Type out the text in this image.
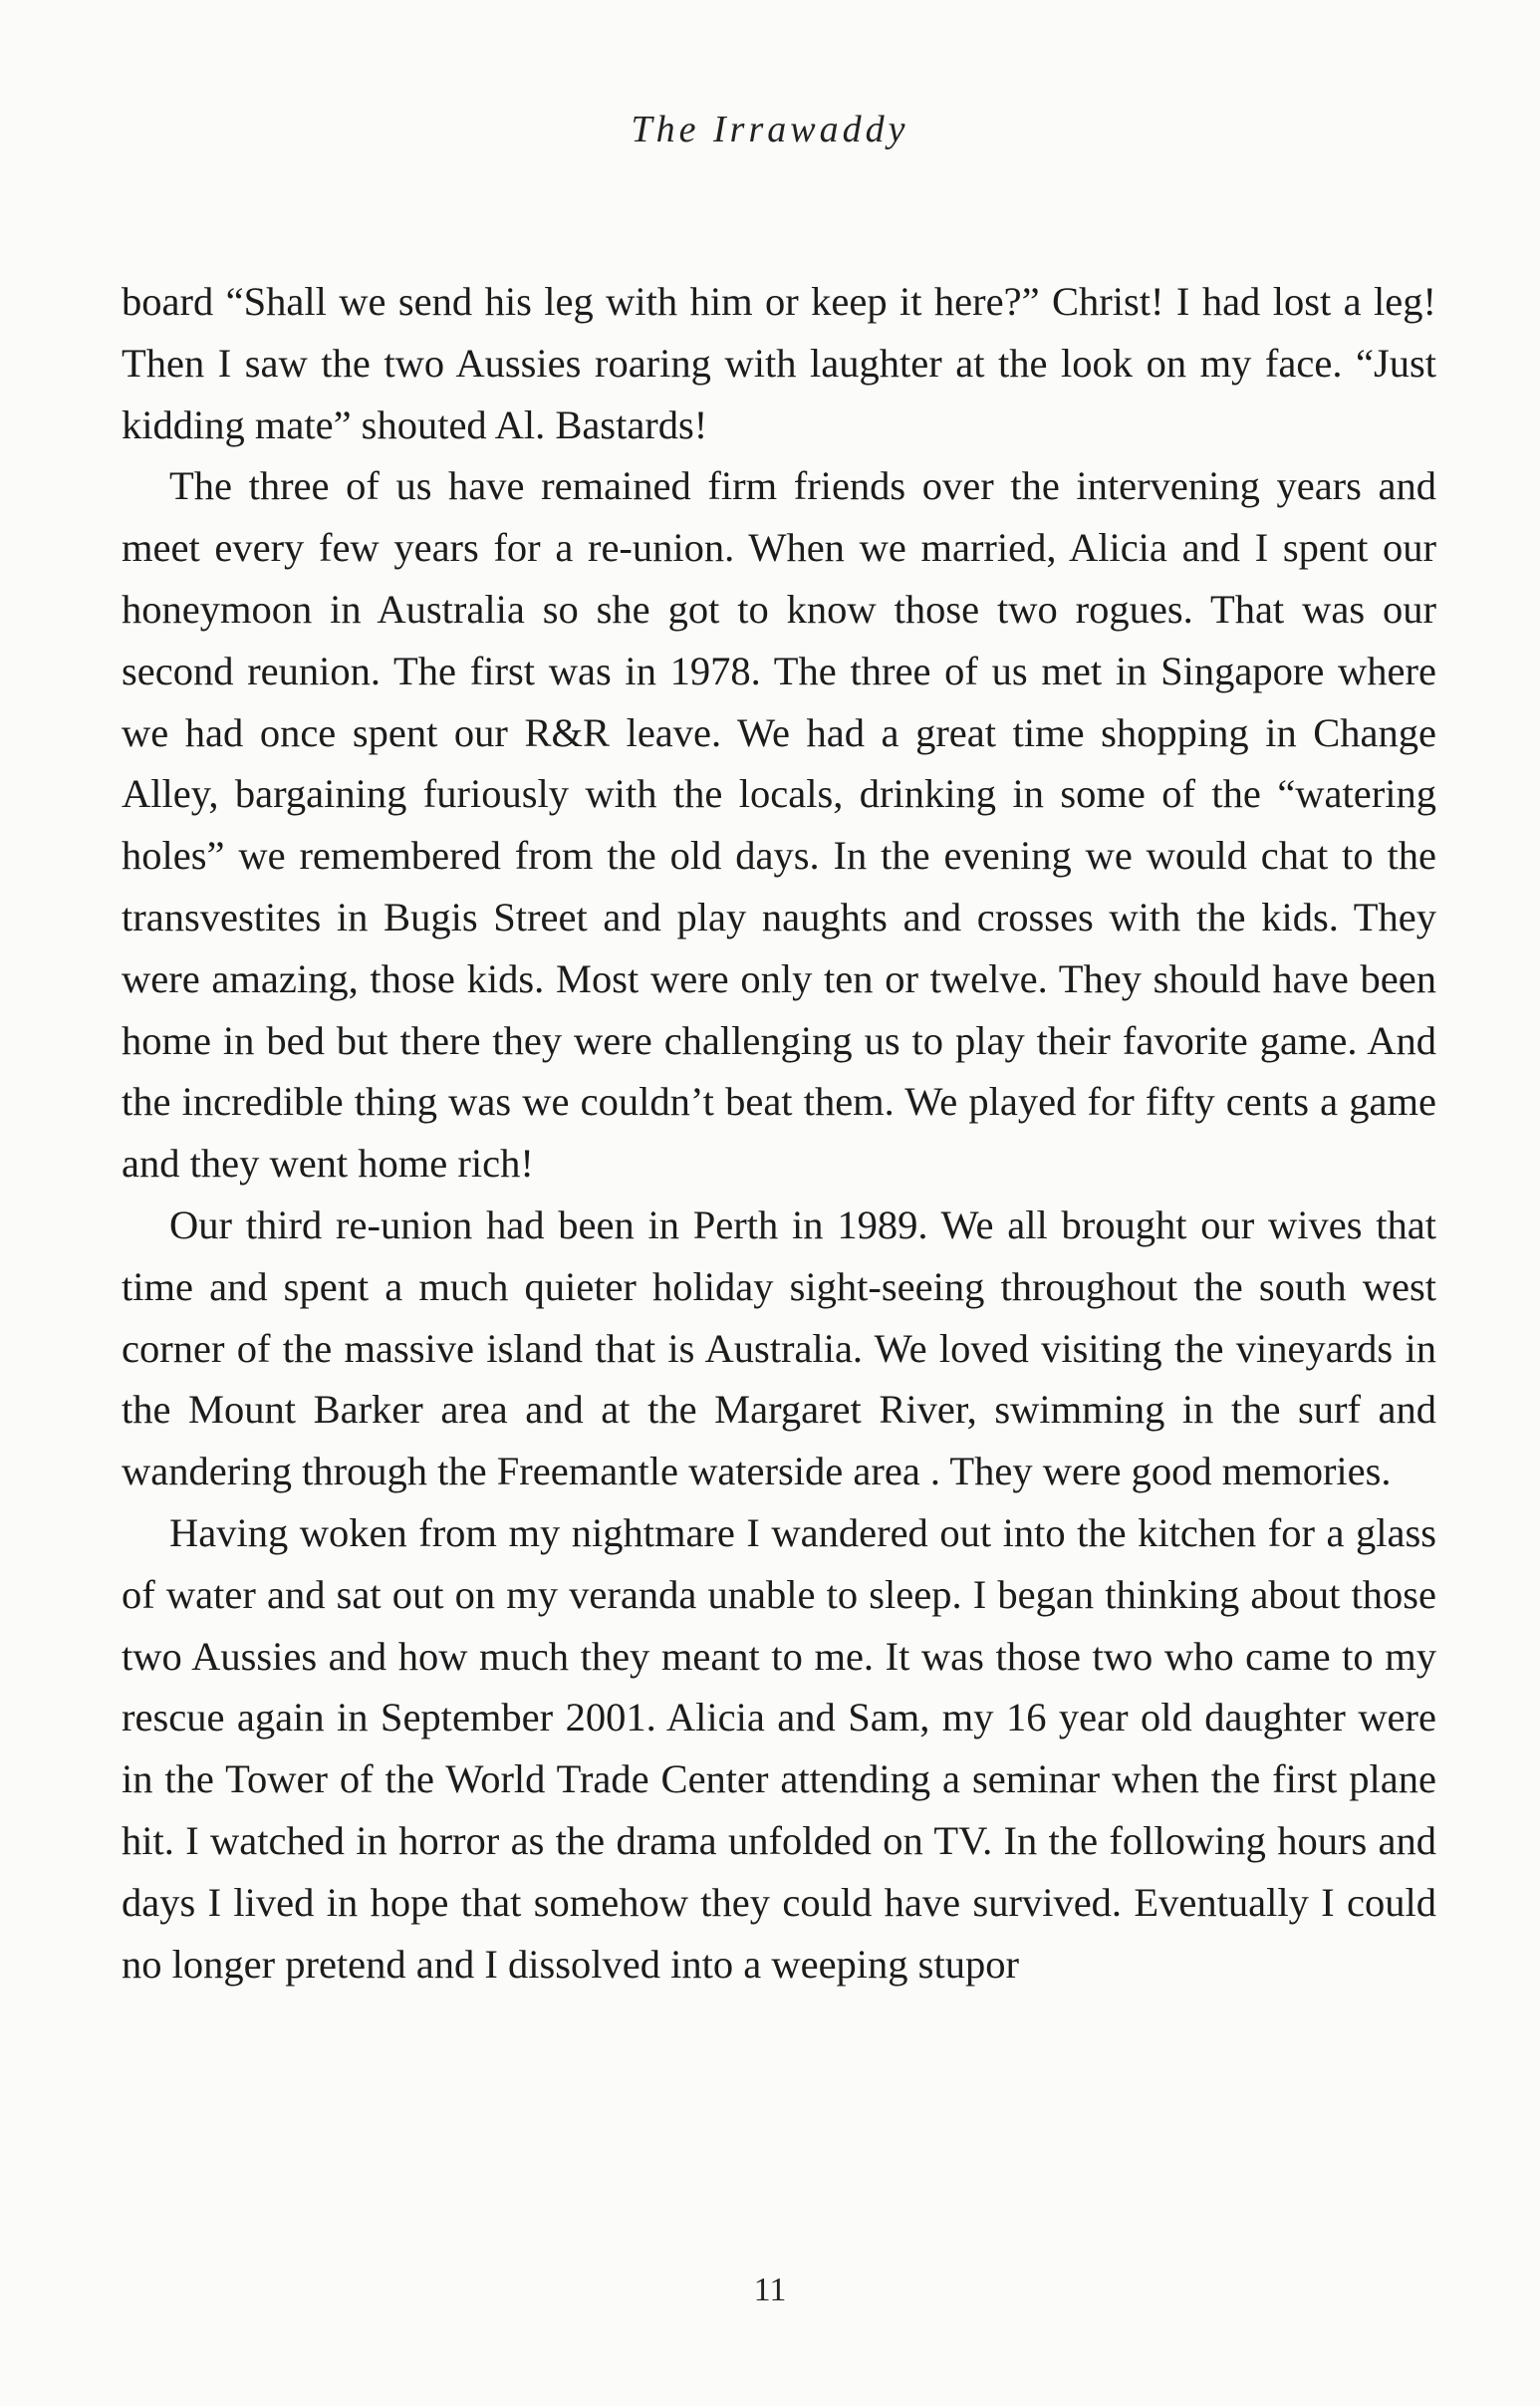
The Irrawaddy

board “Shall we send his leg with him or keep it here?” Christ! I had lost a leg! Then I saw the two Aussies roaring with laughter at the look on my face. “Just kidding mate” shouted Al. Bastards!

The three of us have remained firm friends over the intervening years and meet every few years for a re-union. When we married, Alicia and I spent our honeymoon in Australia so she got to know those two rogues. That was our second reunion. The first was in 1978. The three of us met in Singapore where we had once spent our R&R leave. We had a great time shopping in Change Alley, bargaining furiously with the locals, drinking in some of the “watering holes” we remembered from the old days. In the evening we would chat to the transvestites in Bugis Street and play naughts and crosses with the kids. They were amazing, those kids. Most were only ten or twelve. They should have been home in bed but there they were challenging us to play their favorite game. And the incredible thing was we couldn’t beat them. We played for fifty cents a game and they went home rich!

Our third re-union had been in Perth in 1989. We all brought our wives that time and spent a much quieter holiday sight-seeing throughout the south west corner of the massive island that is Australia. We loved visiting the vineyards in the Mount Barker area and at the Margaret River, swimming in the surf and wandering through the Freemantle waterside area . They were good memories.

Having woken from my nightmare I wandered out into the kitchen for a glass of water and sat out on my veranda unable to sleep. I began thinking about those two Aussies and how much they meant to me. It was those two who came to my rescue again in September 2001. Alicia and Sam, my 16 year old daughter were in the Tower of the World Trade Center attending a seminar when the first plane hit. I watched in horror as the drama unfolded on TV. In the following hours and days I lived in hope that somehow they could have survived. Eventually I could no longer pretend and I dissolved into a weeping stupor

11
